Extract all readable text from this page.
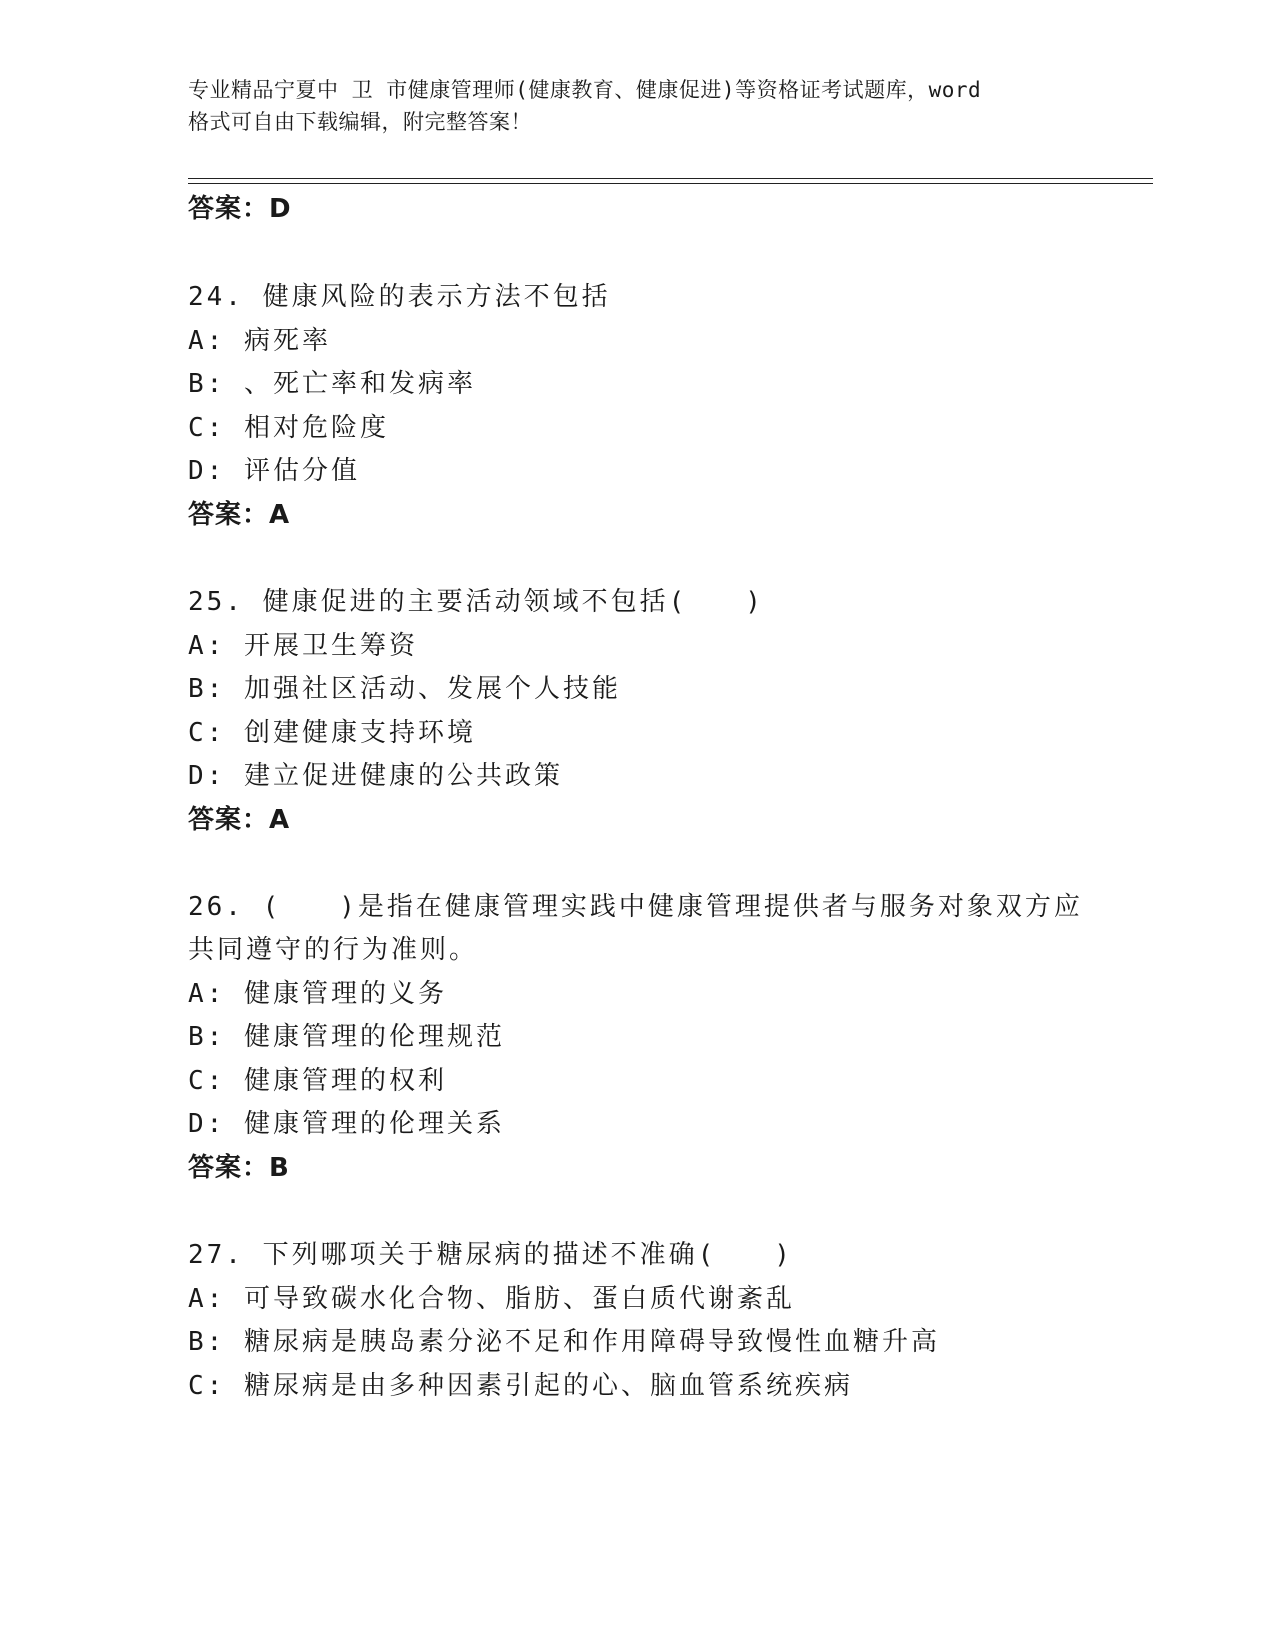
专业精品宁夏中 卫 市健康管理师(健康教育、健康促进)等资格证考试题库，word
格式可自由下载编辑，附完整答案！
答案：D
24. 健康风险的表示方法不包括
A: 病死率
B: 、死亡率和发病率
C: 相对危险度
D: 评估分值
答案：A
25. 健康促进的主要活动领域不包括(　　)
A: 开展卫生筹资
B: 加强社区活动、发展个人技能
C: 创建健康支持环境
D: 建立促进健康的公共政策
答案：A
26. (　　)是指在健康管理实践中健康管理提供者与服务对象双方应
共同遵守的行为准则。
A: 健康管理的义务
B: 健康管理的伦理规范
C: 健康管理的权利
D: 健康管理的伦理关系
答案：B
27. 下列哪项关于糖尿病的描述不准确(　　)
A: 可导致碳水化合物、脂肪、蛋白质代谢紊乱
B: 糖尿病是胰岛素分泌不足和作用障碍导致慢性血糖升高
C: 糖尿病是由多种因素引起的心、脑血管系统疾病
